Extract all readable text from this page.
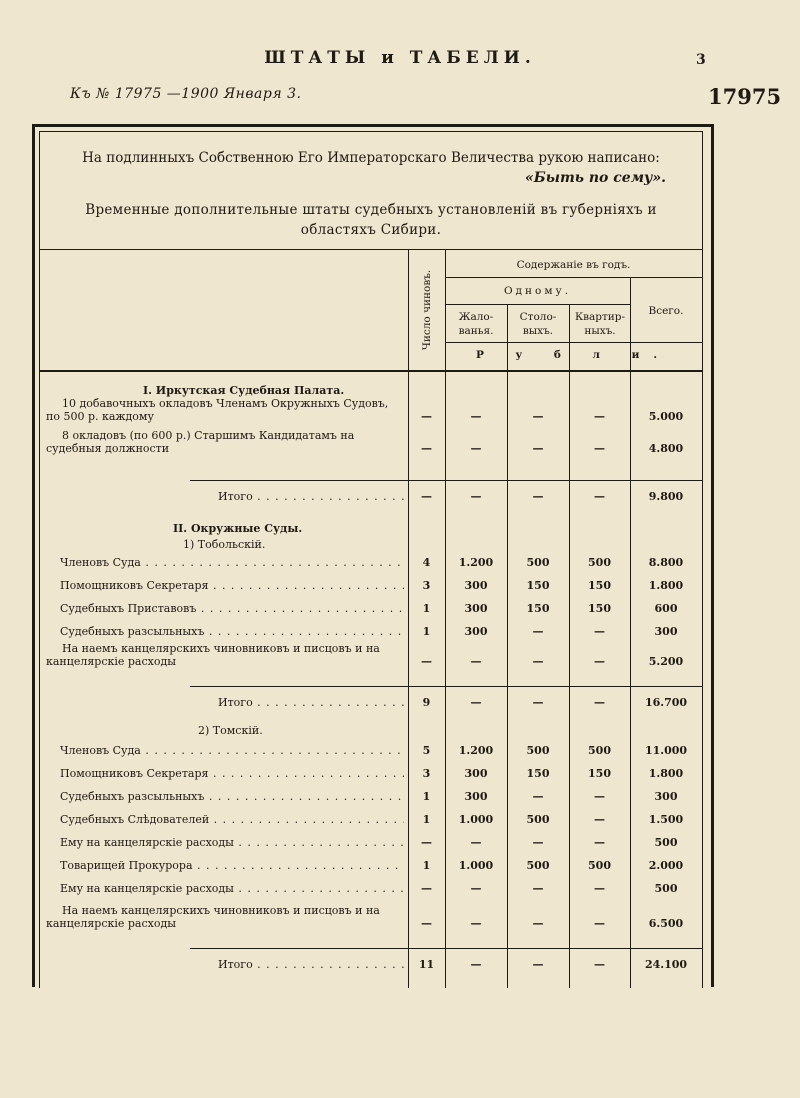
ШТАТЫ и ТАБЕЛИ.	3
Къ № 17975 —1900 Января 3.	17975
На подлинныхъ Собственною Его Императорскаго Величества рукою написано:
«Быть по сему».
Временные дополнительные штаты судебныхъ установленій въ губерніяхъ и областяхъ Сибири.
Число чиновъ.
Содержаніе въ годъ.
Одному.
Жало-ванья.
Столо-выхъ.
Квартир-ныхъ.
Всего.
Р у б л и.
I. Иркутская Судебная Палата.
II. Окружные Суды.
1) Тобольскій.
2) Томскій.
10 добавочныхъ окладовъ Членамъ Окружныхъ Судовъ, по 500 р. каждому	—	—	—	—	5.000
8 окладовъ (по 600 р.) Старшимъ Кандидатамъ на судебныя должности	—	—	—	—	4.800
Итого . . .	—	—	—	—	9.800
Членовъ Суда . . .	4	1.200	500	500	8.800
Помощниковъ Секретаря . . .	3	300	150	150	1.800
Судебныхъ Приставовъ . . .	1	300	150	150	600
Судебныхъ разсыльныхъ . . .	1	300	—	—	300
На наемъ канцелярскихъ чиновниковъ и писцовъ и на канцелярскіе расходы	—	—	—	—	5.200
Итого . . .	9	—	—	—	16.700
Членовъ Суда . . .	5	1.200	500	500	11.000
Помощниковъ Секретаря . . .	3	300	150	150	1.800
Судебныхъ разсыльныхъ . . .	1	300	—	—	300
Судебныхъ Слѣдователей . . .	1	1.000	500	—	1.500
Ему на канцелярскіе расходы . . .	—	—	—	—	500
Товарищей Прокурора . . .	1	1.000	500	500	2.000
Ему на канцелярскіе расходы . . .	—	—	—	—	500
На наемъ канцелярскихъ чиновниковъ и писцовъ и на канцелярскіе расходы	—	—	—	—	6.500
Итого . . .	11	—	—	—	24.100
